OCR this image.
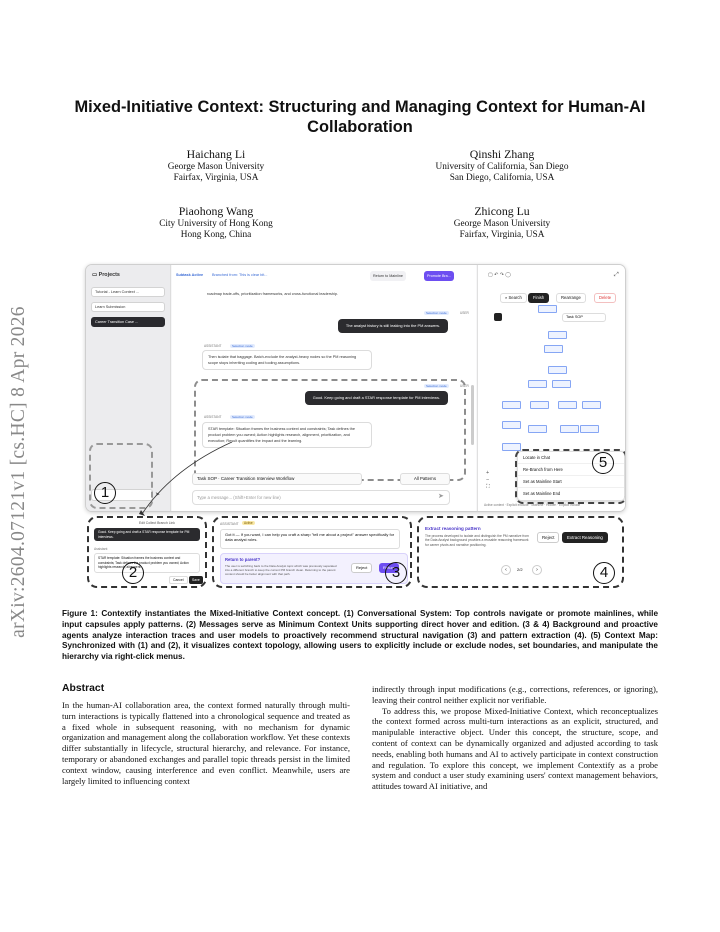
arXiv:2604.07121v1 [cs.HC] 8 Apr 2026
Mixed-Initiative Context: Structuring and Managing Context for Human-AI Collaboration
Haichang Li
George Mason University
Fairfax, Virginia, USA
Qinshi Zhang
University of California, San Diego
San Diego, California, USA
Piaohong Wang
City University of Hong Kong
Hong Kong, China
Zhicong Lu
George Mason University
Fairfax, Virginia, USA
▭ Projects
Tutorial - Learn Context ...
Learn Submission
Career Transition Case ...
➤
Subtask Active Branched from: This is clear bit...	Return to Mainline	Promote Bra...
roadmap trade-offs, prioritization frameworks, and cross-functional leadership.
Selection mode	USER
The analyst history is still leaking into the PM answers.
ASSISTANT	Selection mode
Then isolate that baggage. Batch-exclude the analyst-heavy nodes so the PM reasoning scope stops inheriting coding and tooling assumptions.
Selection mode	USER
Good. Keep going and draft a STAR response template for PM interviews.
ASSISTANT	Selection mode
STAR template: Situation frames the business context and constraints; Task defines the product problem you owned; Action highlights research, alignment, prioritization, and execution; Result quantifies the impact and the learning.
Task SOP · Career Transition Interview Workflow	All Patterns
Type a message... (Shift+Enter for new line)	➤
▢ ↶ ↷ ◯	⤢
⌕ Search	Finish	Rearrange	Delete
Task SOP
+
−
⛶
Active context · Explicit exclude · Mainline · Hidden · Explicit include
Locate in Chat
Re-Branch from Here
Set as Mainline Start
Set as Mainline End
1
5
Edit Collect Branch Link
Good. Keep going and draft a STAR response template for PM interviews.
Assistant
STAR template: Situation frames the business context and constraints; Task defines the product problem you owned; Action highlights research, alignment.
Cancel	Save
2
ASSISTANT	Active
Got it — If you want, I can help you craft a sharp "tell me about a project" answer specifically for data analyst roles.
Return to parent?
The user is switching back to the Data Analyst topic which was previously separated into a different branch to keep the current PM branch clean. Returning to the parent context should be better alignment with that path.
Reject	Return
3
Extract reasoning pattern
The process developed to isolate and distinguish the PM narrative from the Data Analyst background provides a reusable reasoning framework for career pivots and narrative positioning.
Reject	Extract Reasoning
‹	2/2	›	4
Figure 1: Contextify instantiates the Mixed-Initiative Context concept. (1) Conversational System: Top controls navigate or promote mainlines, while input capsules apply patterns. (2) Messages serve as Minimum Context Units supporting direct hover and edition. (3 & 4) Background and proactive agents analyze interaction traces and user models to proactively recommend structural navigation (3) and pattern extraction (4). (5) Context Map: Synchronized with (1) and (2), it visualizes context topology, allowing users to explicitly include or exclude nodes, set boundaries, and manipulate the hierarchy via right-click menus.
Abstract

In the human-AI collaboration area, the context formed naturally through multi-turn interactions is typically flattened into a chronological sequence and treated as a fixed whole in subsequent reasoning, with no mechanism for dynamic organization and management along the collaboration workflow. Yet these contexts differ substantially in lifecycle, structural hierarchy, and relevance. For instance, temporary or abandoned exchanges and parallel topic threads persist in the limited context window, causing interference and even conflict. Meanwhile, users are largely limited to influencing context

indirectly through input modifications (e.g., corrections, references, or ignoring), leaving their control neither explicit nor verifiable.

To address this, we propose Mixed-Initiative Context, which reconceptualizes the context formed across multi-turn interactions as an explicit, structured, and manipulable interactive object. Under this concept, the structure, scope, and content of context can be dynamically organized and adjusted according to task needs, enabling both humans and AI to actively participate in context construction and regulation. To explore this concept, we implement Contextify as a probe system and conduct a user study examining users' context management behaviors, attitudes toward AI initiative, and
